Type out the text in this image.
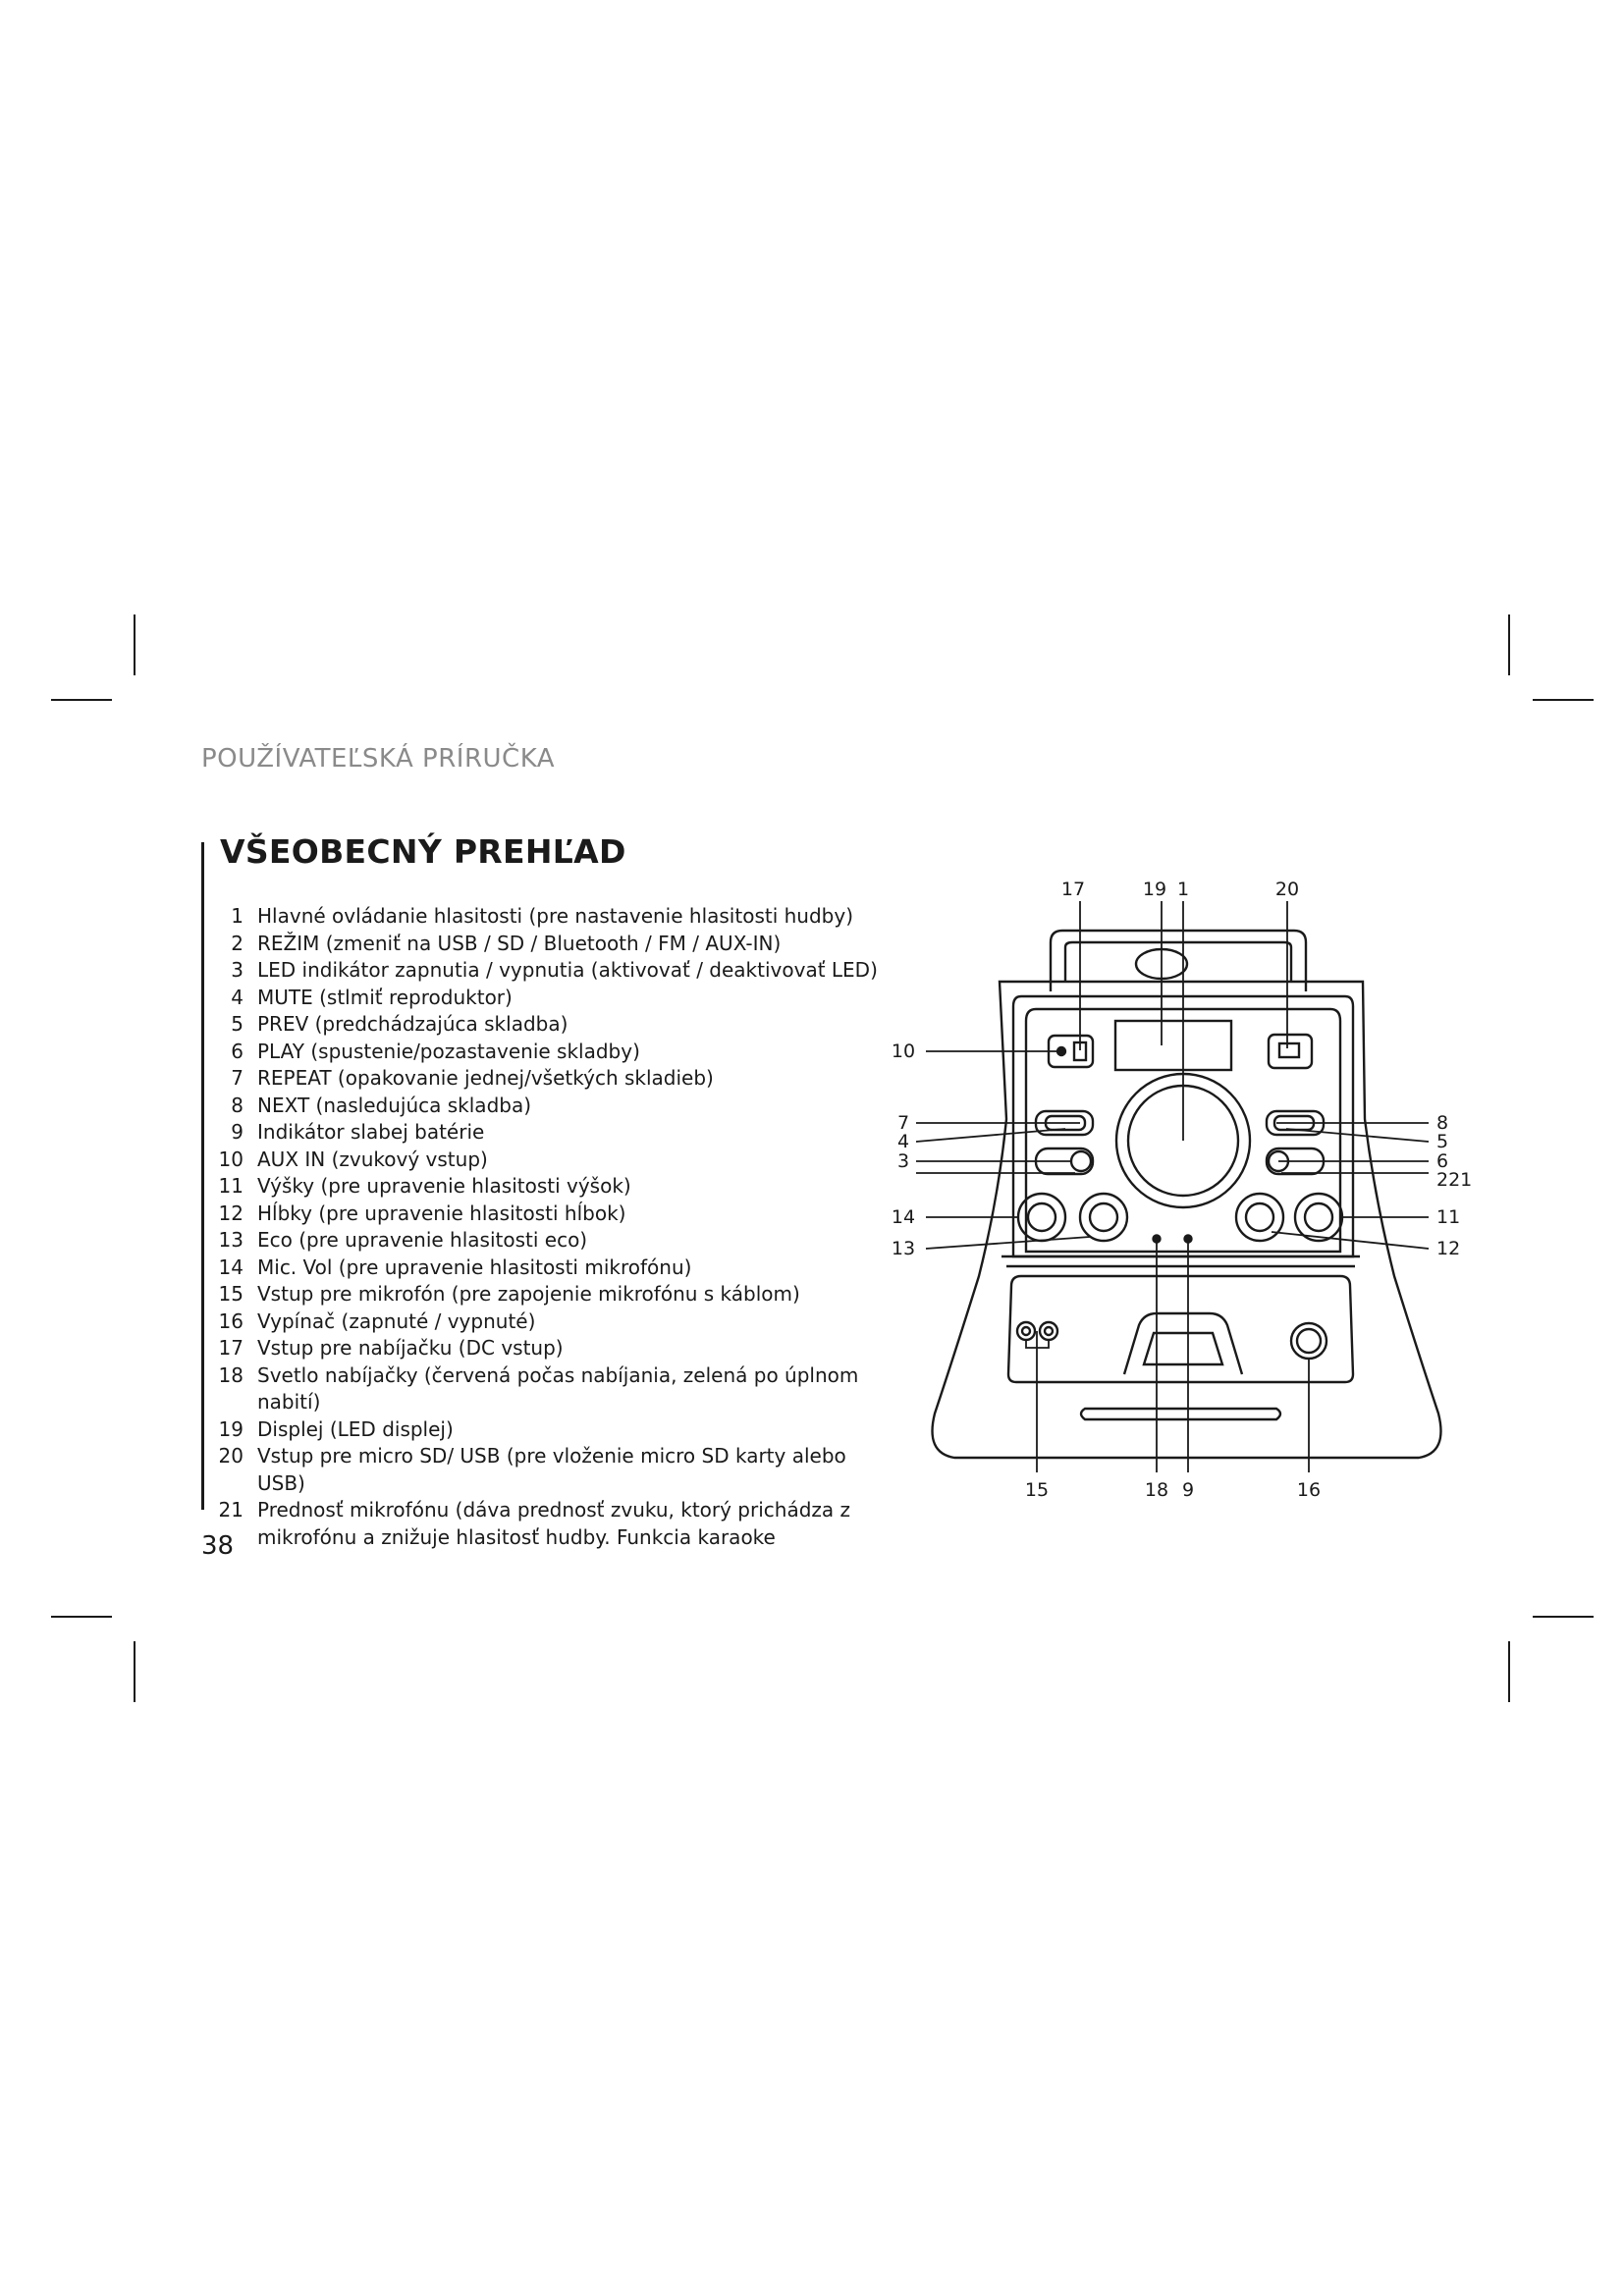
POUŽÍVATEĽSKÁ PRÍRUČKA
VŠEOBECNÝ PREHĽAD
1 Hlavné ovládanie hlasitosti (pre nastavenie hlasitosti hudby)
2 REŽIM (zmeniť na USB / SD / Bluetooth / FM / AUX-IN)
3 LED indikátor zapnutia / vypnutia (aktivovať / deaktivovať LED)
4 MUTE (stlmiť reproduktor)
5 PREV (predchádzajúca skladba)
6 PLAY (spustenie/pozastavenie skladby)
7 REPEAT (opakovanie jednej/všetkých skladieb)
8 NEXT (nasledujúca skladba)
9 Indikátor slabej batérie
10 AUX IN (zvukový vstup)
11 Výšky (pre upravenie hlasitosti výšok)
12 Hĺbky (pre upravenie hlasitosti hĺbok)
13 Eco (pre upravenie hlasitosti eco)
14 Mic. Vol (pre upravenie hlasitosti mikrofónu)
15 Vstup pre mikrofón (pre zapojenie mikrofónu s káblom)
16 Vypínač (zapnuté / vypnuté)
17 Vstup pre nabíjačku (DC vstup)
18 Svetlo nabíjačky (červená počas nabíjania, zelená po úplnom
nabití)
19 Displej (LED displej)
20 Vstup pre micro SD/ USB (pre vloženie micro SD karty alebo USB)
21 Prednosť mikrofónu (dáva prednosť zvuku, ktorý prichádza z
mikrofónu a znižuje hlasitosť hudby. Funkcia karaoke
17	19 1	20
10
7
4
3
14
13
8
5
6
221
11
12
15	18 9	16
38
